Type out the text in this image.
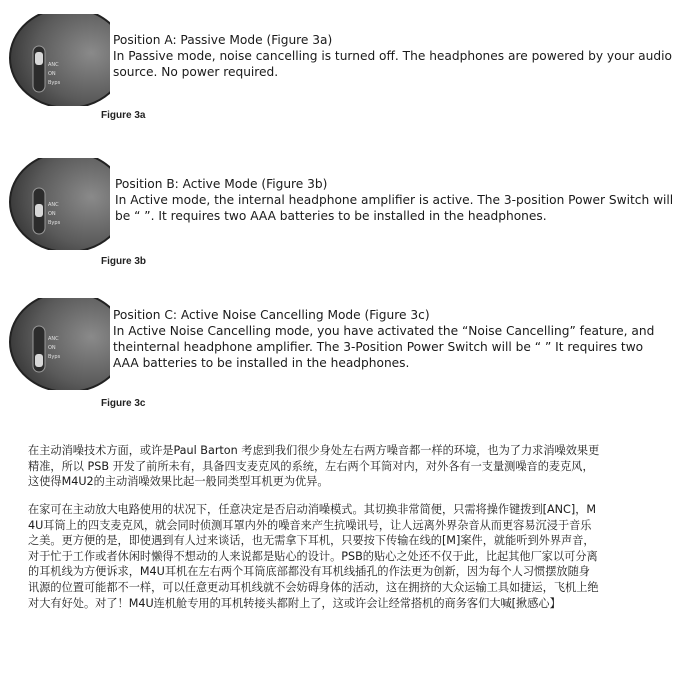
ANC
ON
Byps
Position A: Passive Mode (Figure 3a)
In Passive mode, noise cancelling is turned off. The headphones are powered by your audio
source. No power required.
Figure 3a
ANC
ON
Byps
Position B: Active Mode (Figure 3b)
In Active mode, the internal headphone amplifier is active. The 3-position Power Switch will
be “ ”. It requires two AAA batteries to be installed in the headphones.
Figure 3b
ANC
ON
Byps
Position C: Active Noise Cancelling Mode (Figure 3c)
In Active Noise Cancelling mode, you have activated the “Noise Cancelling” feature, and
theinternal headphone amplifier. The 3-Position Power Switch will be “ ” It requires two
AAA batteries to be installed in the headphones.
Figure 3c
在主动消噪技术方面，或许是Paul Barton 考虑到我们很少身处左右两方噪音都一样的环境，也为了力求消噪效果更
精准，所以 PSB 开发了前所未有，具备四支麦克风的系统，左右两个耳筒对内，对外各有一支量测噪音的麦克风，
这使得M4U2的主动消噪效果比起一般同类型耳机更为优异。
在家可在主动放大电路使用的状况下，任意决定是否启动消噪模式。其切换非常简便，只需将操作键拨到[ANC]，M
4U耳筒上的四支麦克风，就会同时侦测耳罩内外的噪音来产生抗噪讯号，让人远离外界杂音从而更容易沉浸于音乐
之美。更方便的是，即使遇到有人过来谈话，也无需拿下耳机，只要按下传输在线的[M]案件，就能听到外界声音，
对于忙于工作或者休闲时懒得不想动的人来说都是贴心的设计。PSB的贴心之处还不仅于此，比起其他厂家以可分离
的耳机线为方便诉求，M4U耳机在左右两个耳筒底部都没有耳机线插孔的作法更为创新，因为每个人习惯摆放随身
讯源的位置可能都不一样，可以任意更动耳机线就不会妨碍身体的活动，这在拥挤的大众运输工具如捷运，飞机上绝
对大有好处。对了！M4U连机舱专用的耳机转接头都附上了，这或许会让经常搭机的商务客们大喊[揪感心】
